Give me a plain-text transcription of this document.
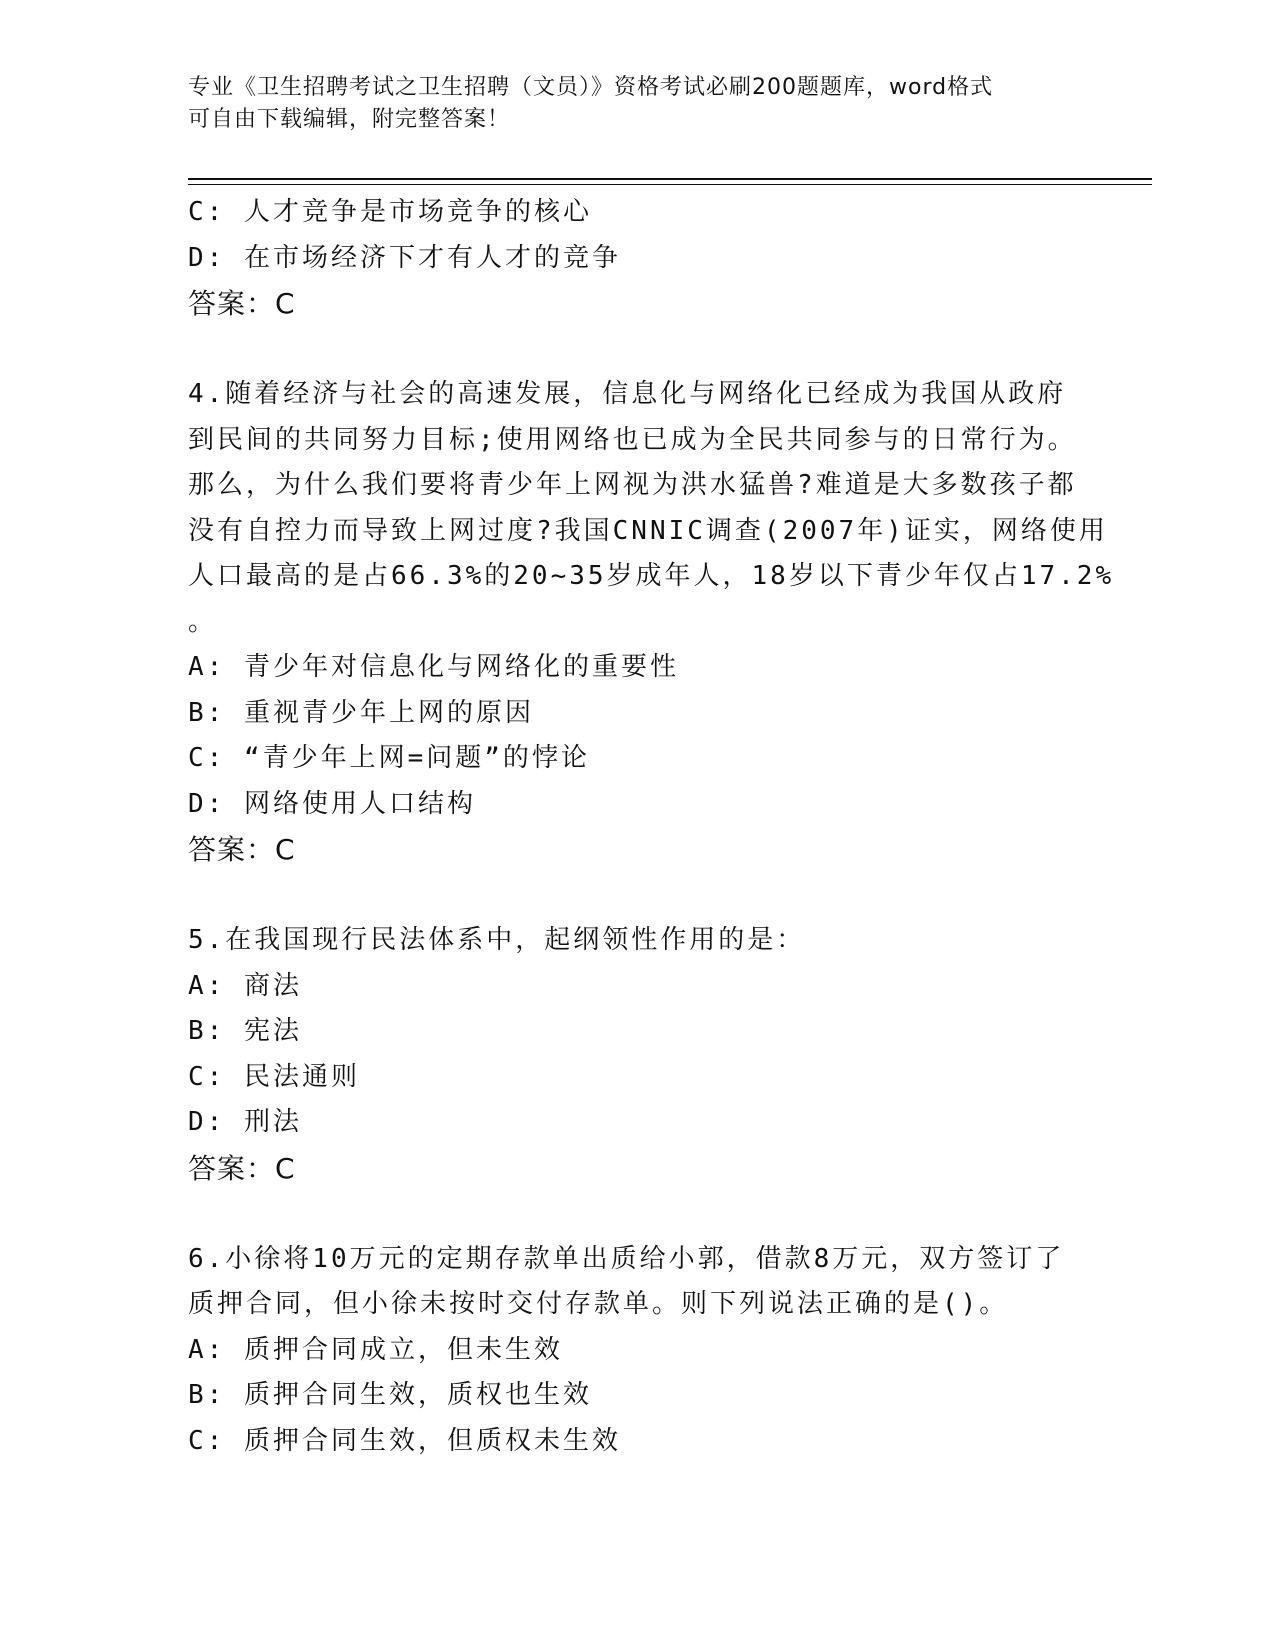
专业《卫生招聘考试之卫生招聘（文员）》资格考试必刷200题题库，word格式
可自由下载编辑，附完整答案！
C: 人才竞争是市场竞争的核心
D: 在市场经济下才有人才的竞争
答案：C
4.随着经济与社会的高速发展，信息化与网络化已经成为我国从政府
到民间的共同努力目标;使用网络也已成为全民共同参与的日常行为。
那么，为什么我们要将青少年上网视为洪水猛兽?难道是大多数孩子都
没有自控力而导致上网过度?我国CNNIC调查(2007年)证实，网络使用
人口最高的是占66.3%的20~35岁成年人，18岁以下青少年仅占17.2%
。
A: 青少年对信息化与网络化的重要性
B: 重视青少年上网的原因
C: “青少年上网=问题”的悖论
D: 网络使用人口结构
答案：C
5.在我国现行民法体系中，起纲领性作用的是：
A: 商法
B: 宪法
C: 民法通则
D: 刑法
答案：C
6.小徐将10万元的定期存款单出质给小郭，借款8万元，双方签订了
质押合同，但小徐未按时交付存款单。则下列说法正确的是()。
A: 质押合同成立，但未生效
B: 质押合同生效，质权也生效
C: 质押合同生效，但质权未生效
